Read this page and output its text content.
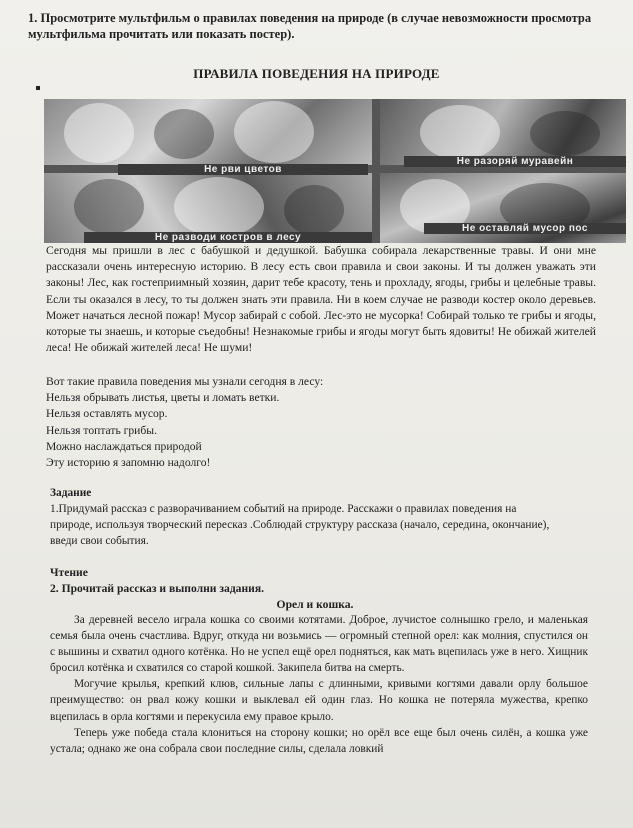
1. Просмотрите мультфильм о правилах поведения на природе (в случае невозможности просмотра мультфильма прочитать или показать постер).
ПРАВИЛА ПОВЕДЕНИЯ НА ПРИРОДЕ
Не рви цветов
Не разоряй муравейн
Не разводи костров в лесу
Не оставляй мусор пос

Сегодня мы пришли в лес с бабушкой и дедушкой. Бабушка собирала лекарственные травы. И они мне рассказали очень интересную историю. В лесу есть свои правила и свои законы. И ты должен уважать эти законы! Лес, как гостеприимный хозяин, дарит тебе красоту, тень и прохладу, ягоды, грибы и целебные травы. Если ты оказался в лесу, то ты должен знать эти правила. Ни в коем случае не разводи костер около деревьев. Может начаться лесной пожар! Мусор забирай с собой. Лес-это не мусорка! Собирай только те грибы и ягоды, которые ты знаешь, и которые съедобны! Незнакомые грибы и ягоды могут быть ядовиты! Не обижай жителей леса! Не обижай жителей леса! Не шуми!

Вот такие правила поведения мы узнали сегодня в лесу:
Нельзя обрывать листья, цветы и ломать ветки.
Нельзя оставлять мусор.
Нельзя топтать грибы.
Можно наслаждаться природой
Эту историю я запомню надолго!
Задание
1.Придумай рассказ с разворачиванием событий на природе. Расскажи о правилах поведения на природе, используя творческий пересказ .Соблюдай структуру рассказа (начало, середина, окончание), введи свои события.
Чтение
2. Прочитай рассказ и выполни задания.
Орел и кошка.

За деревней весело играла кошка со своими котятами. Доброе, лучистое солнышко грело, и маленькая семья была очень счастлива. Вдруг, откуда ни возьмись — огромный степной орел: как молния, спустился он с вышины и схватил одного котёнка. Но не успел ещё орел подняться, как мать вцепилась уже в него. Хищник бросил котёнка и схватился со старой кошкой. Закипела битва на смерть.

Могучие крылья, крепкий клюв, сильные лапы с длинными, кривыми когтями давали орлу большое преимущество: он рвал кожу кошки и выклевал ей один глаз. Но кошка не потеряла мужества, крепко вцепилась в орла когтями и перекусила ему правое крыло.

Теперь уже победа стала клониться на сторону кошки; но орёл все еще был очень силён, а кошка уже устала; однако же она собрала свои последние силы, сделала ловкий
